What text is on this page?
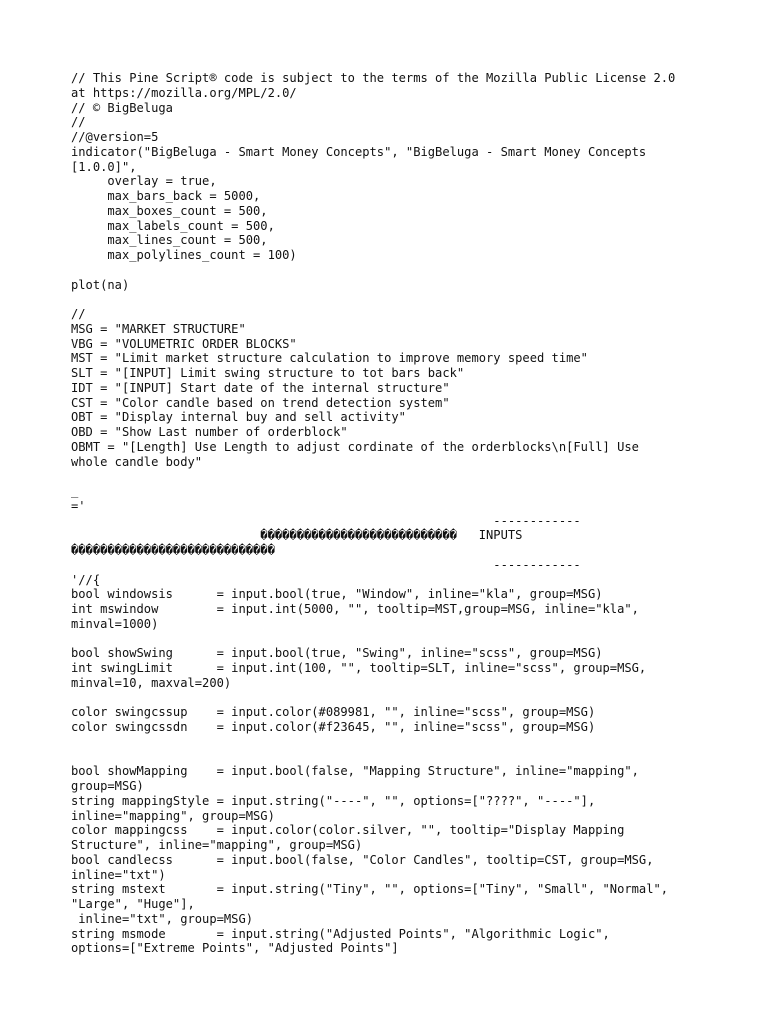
// This Pine Script® code is subject to the terms of the Mozilla Public License 2.0
at https://mozilla.org/MPL/2.0/
// © BigBeluga
//
//@version=5
indicator("BigBeluga - Smart Money Concepts", "BigBeluga - Smart Money Concepts
[1.0.0]",
overlay = true,
max_bars_back = 5000,
max_boxes_count = 500,
max_labels_count = 500,
max_lines_count = 500,
max_polylines_count = 100)
plot(na)
//
MSG = "MARKET STRUCTURE"
VBG = "VOLUMETRIC ORDER BLOCKS"
MST = "Limit market structure calculation to improve memory speed time"
SLT = "[INPUT] Limit swing structure to tot bars back"
IDT = "[INPUT] Start date of the internal structure"
CST = "Color candle based on trend detection system"
OBT = "Display internal buy and sell activity"
OBD = "Show Last number of orderblock"
OBMT = "[Length] Use Length to adjust cordinate of the orderblocks\n[Full] Use
whole candle body"
_
='
------------
���������������������������   INPUTS
����������������������������
------------
'//{
bool windowsis      = input.bool(true, "Window", inline="kla", group=MSG)
int mswindow        = input.int(5000, "", tooltip=MST,group=MSG, inline="kla",
minval=1000)
bool showSwing      = input.bool(true, "Swing", inline="scss", group=MSG)
int swingLimit      = input.int(100, "", tooltip=SLT, inline="scss", group=MSG,
minval=10, maxval=200)
color swingcssup    = input.color(#089981, "", inline="scss", group=MSG)
color swingcssdn    = input.color(#f23645, "", inline="scss", group=MSG)
bool showMapping    = input.bool(false, "Mapping Structure", inline="mapping",
group=MSG)
string mappingStyle = input.string("----", "", options=["????", "----"],
inline="mapping", group=MSG)
color mappingcss    = input.color(color.silver, "", tooltip="Display Mapping
Structure", inline="mapping", group=MSG)
bool candlecss      = input.bool(false, "Color Candles", tooltip=CST, group=MSG,
inline="txt")
string mstext       = input.string("Tiny", "", options=["Tiny", "Small", "Normal",
"Large", "Huge"],
inline="txt", group=MSG)
string msmode       = input.string("Adjusted Points", "Algorithmic Logic",
options=["Extreme Points", "Adjusted Points"]
